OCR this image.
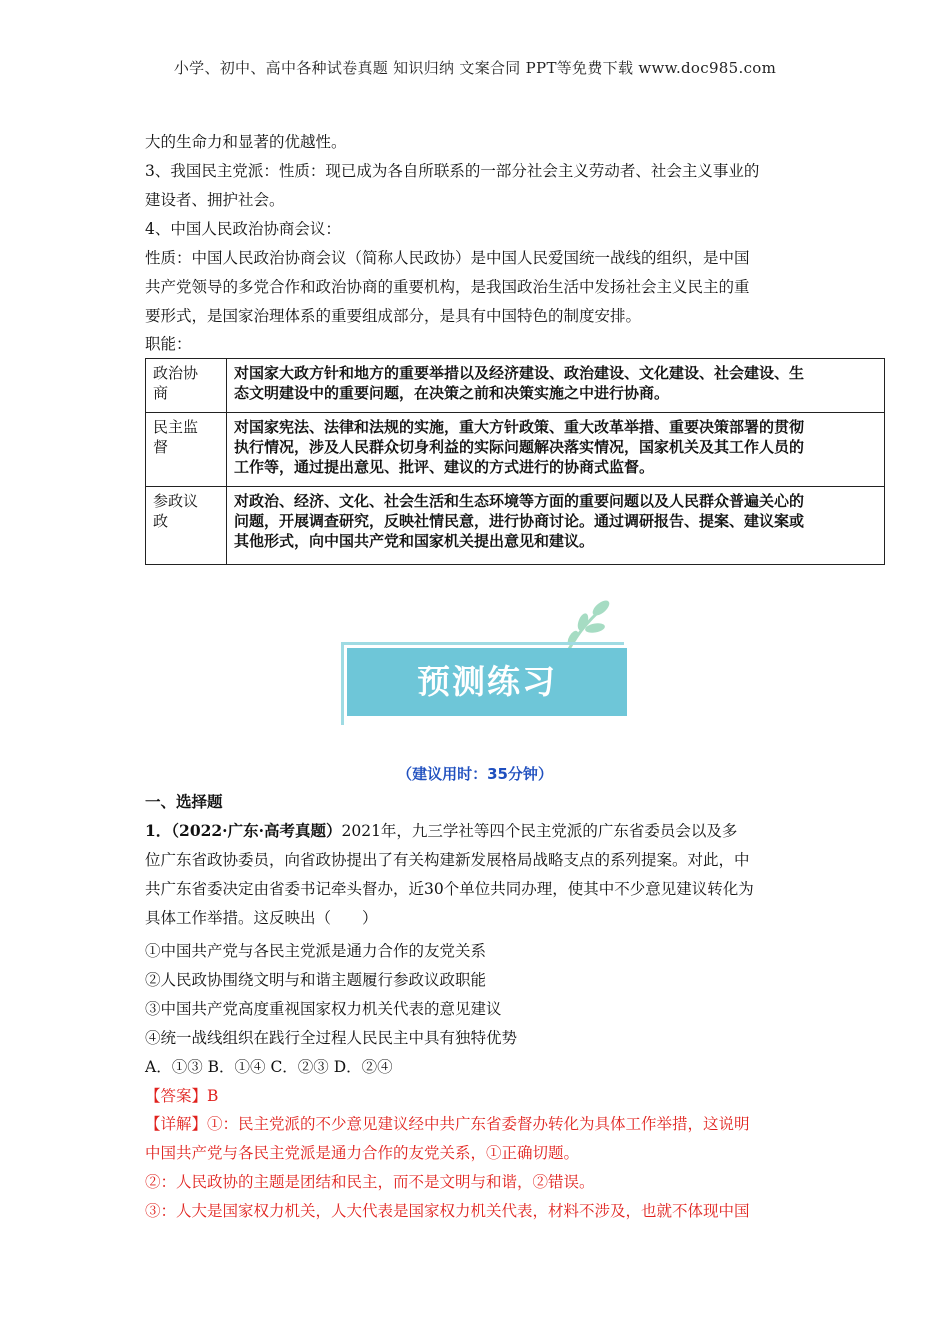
小学、初中、高中各种试卷真题 知识归纳 文案合同 PPT等免费下载 www.doc985.com
大的生命力和显著的优越性。
3、我国民主党派：性质：现已成为各自所联系的一部分社会主义劳动者、社会主义事业的
建设者、拥护社会。
4、中国人民政治协商会议：
性质：中国人民政治协商会议（简称人民政协）是中国人民爱国统一战线的组织，是中国
共产党领导的多党合作和政治协商的重要机构，是我国政治生活中发扬社会主义民主的重
要形式，是国家治理体系的重要组成部分，是具有中国特色的制度安排。
职能：
政治协
商	对国家大政方针和地方的重要举措以及经济建设、政治建设、文化建设、社会建设、生
态文明建设中的重要问题，在决策之前和决策实施之中进行协商。
民主监
督	对国家宪法、法律和法规的实施，重大方针政策、重大改革举措、重要决策部署的贯彻
执行情况，涉及人民群众切身利益的实际问题解决落实情况，国家机关及其工作人员的
工作等，通过提出意见、批评、建议的方式进行的协商式监督。
参政议
政	对政治、经济、文化、社会生活和生态环境等方面的重要问题以及人民群众普遍关心的
问题，开展调查研究，反映社情民意，进行协商讨论。通过调研报告、提案、建议案或
其他形式，向中国共产党和国家机关提出意见和建议。
预测练习
（建议用时：35分钟）
一、选择题
1．（2022·广东·高考真题）2021年，九三学社等四个民主党派的广东省委员会以及多
位广东省政协委员，向省政协提出了有关构建新发展格局战略支点的系列提案。对此，中
共广东省委决定由省委书记牵头督办，近30个单位共同办理，使其中不少意见建议转化为
具体工作举措。这反映出（　　）
①中国共产党与各民主党派是通力合作的友党关系
②人民政协围绕文明与和谐主题履行参政议政职能
③中国共产党高度重视国家权力机关代表的意见建议
④统一战线组织在践行全过程人民民主中具有独特优势
A．①③ B．①④ C．②③ D．②④
【答案】B
【详解】①：民主党派的不少意见建议经中共广东省委督办转化为具体工作举措，这说明
中国共产党与各民主党派是通力合作的友党关系，①正确切题。
②：人民政协的主题是团结和民主，而不是文明与和谐，②错误。
③：人大是国家权力机关，人大代表是国家权力机关代表，材料不涉及，也就不体现中国
